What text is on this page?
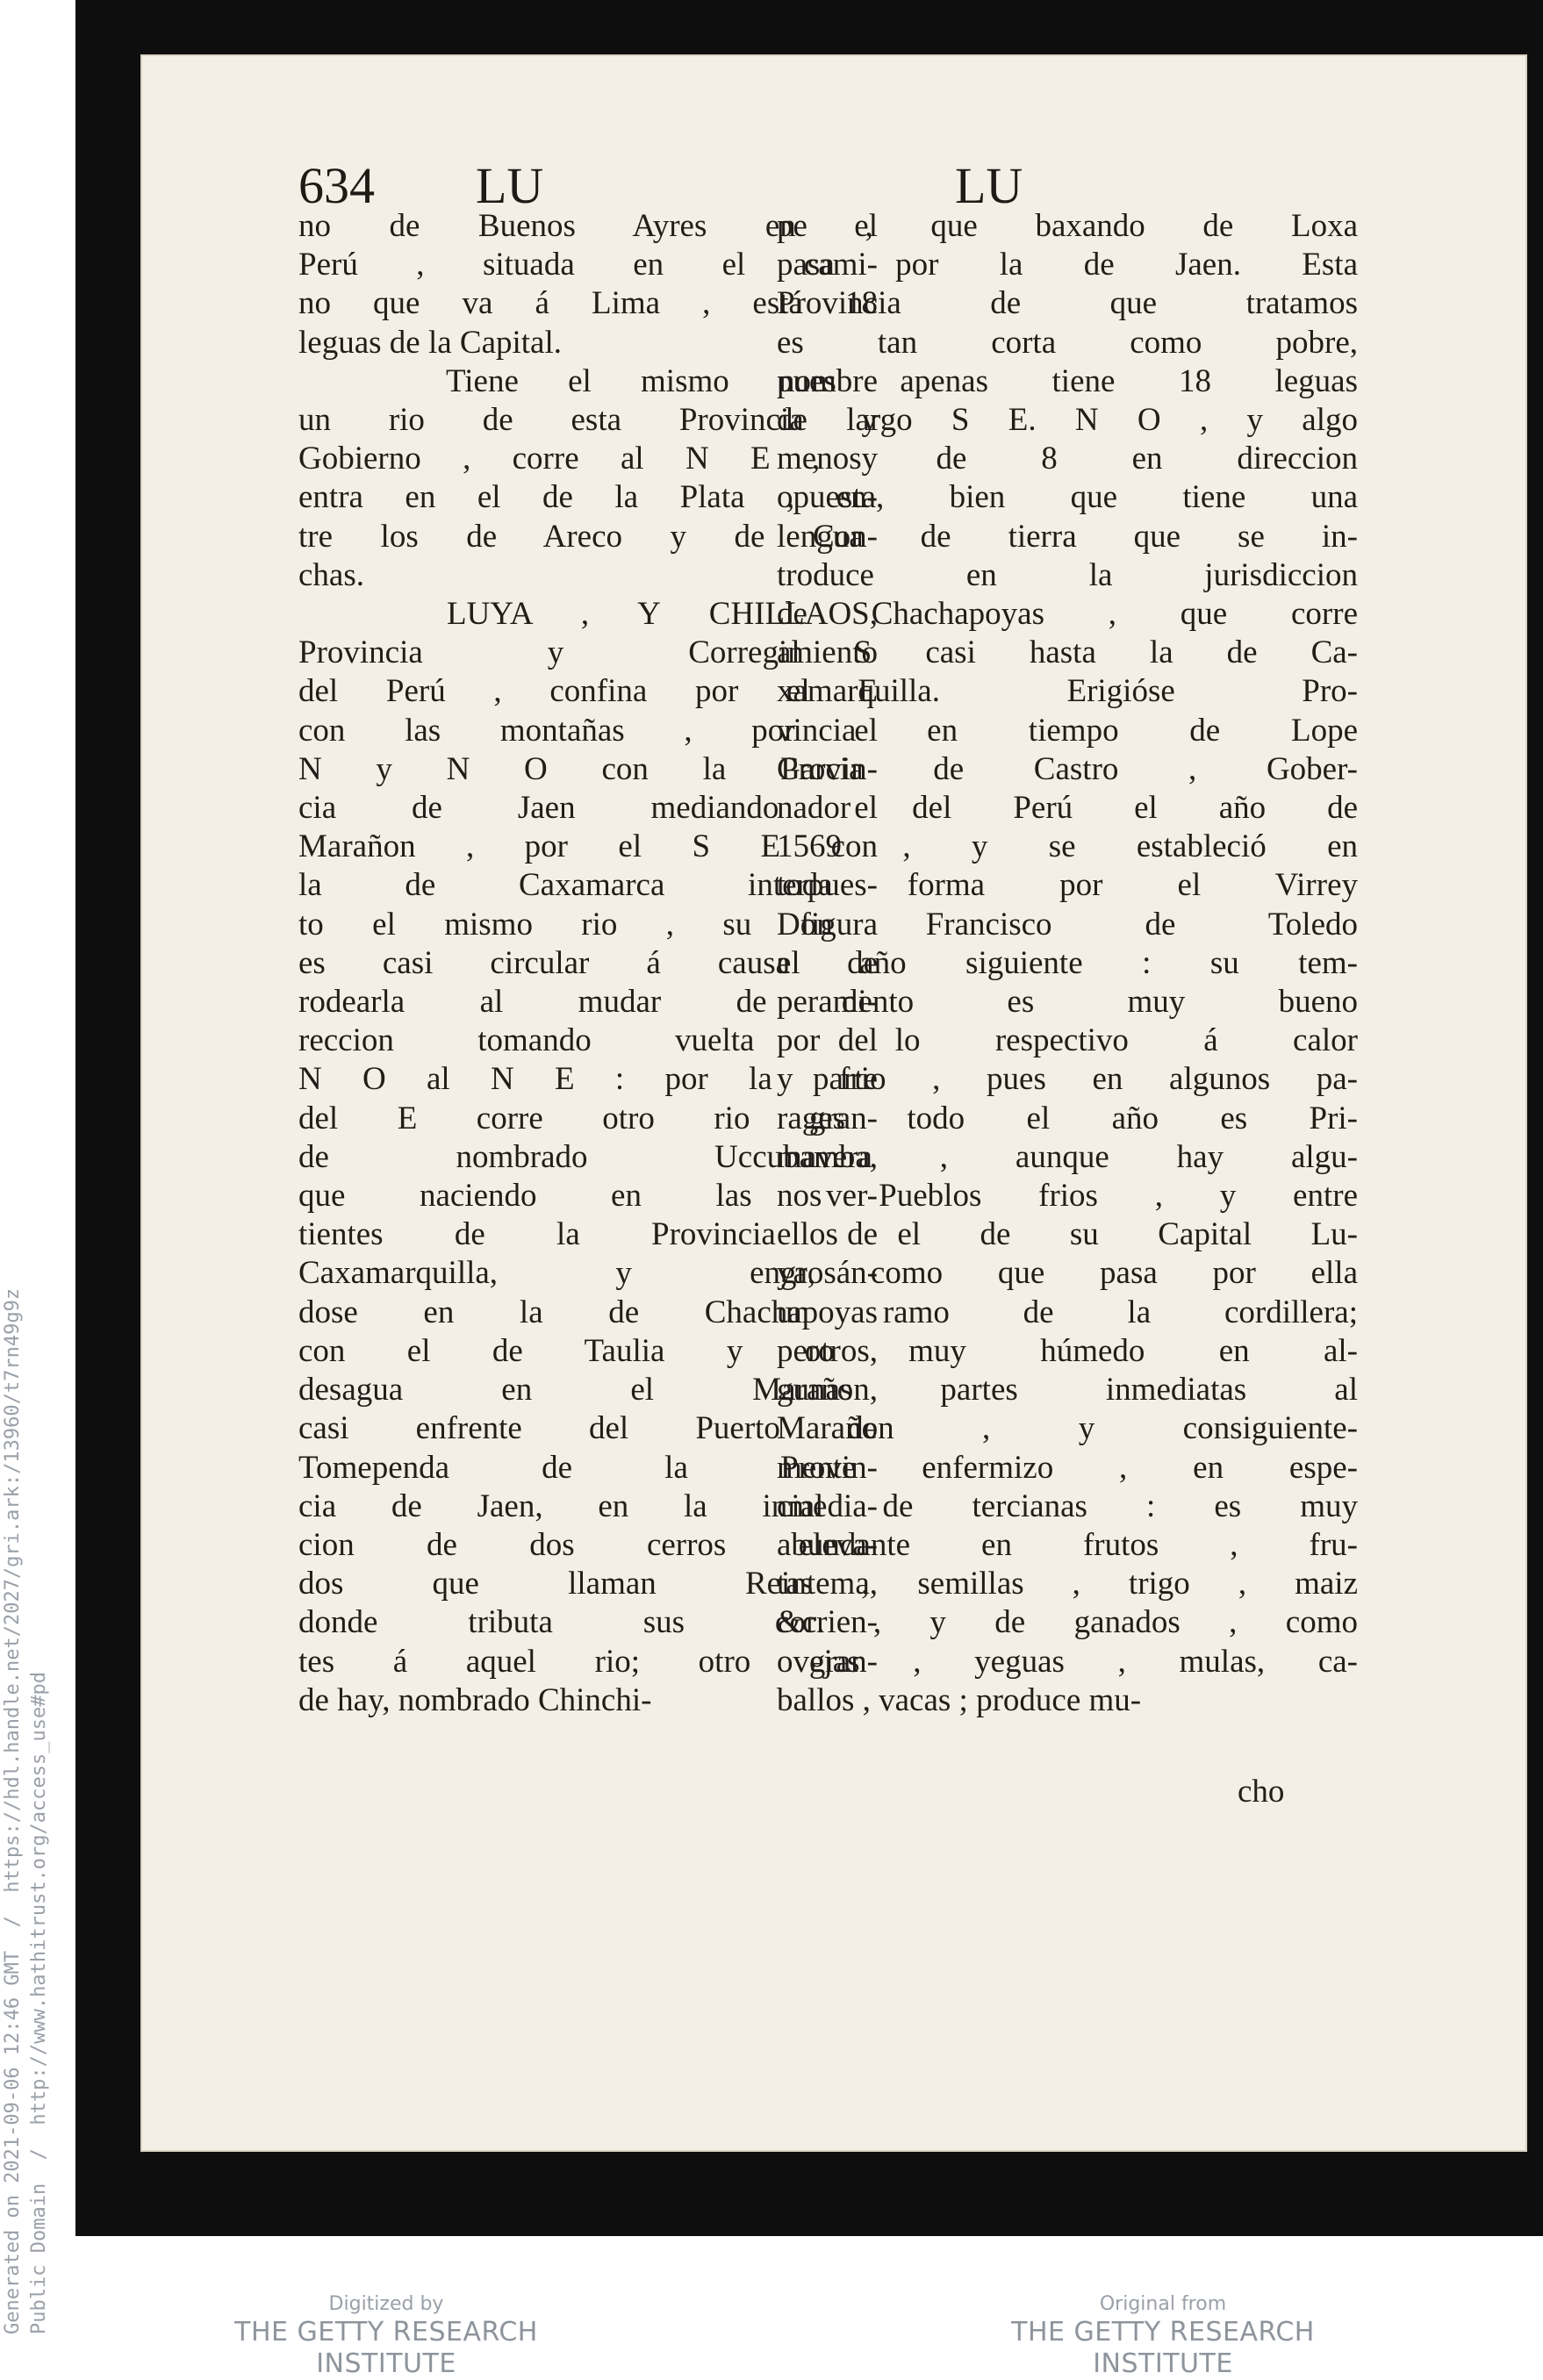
634 LU	LU
no de Buenos Ayres en el
Perú , situada en el cami-
no que va á Lima , está 18
leguas de la Capital.
Tiene el mismo nombre
un rio de esta Provincia y
Gobierno , corre al N E , y
entra en el de la Plata , en-
tre los de Areco y de Con-
chas.
LUYA , Y CHILLAOS,
Provincia y Corregimiento
del Perú , confina por el E
con las montañas , por el
N y N O con la Provin-
cia de Jaen mediando el
Marañon , por el S E con
la de Caxamarca interpues-
to el mismo rio , su figura
es casi circular á causa de
rodearla al mudar de di-
reccion tomando vuelta del
N O al N E : por la parte
del E corre otro rio gran-
de nombrado Uccubamba,
que naciendo en las ver-
tientes de la Provincia de
Caxamarquilla, y engrosán-
dose en la de Chachapoyas
con el de Taulia y otros,
desagua en el Marañon,
casi enfrente del Puerto de
Tomependa de la Provin-
cia de Jaen, en la inmedia-
cion de dos cerros eleva-
dos que llaman Reintema,
donde tributa sus corrien-
tes á aquel rio; otro gran-
de hay, nombrado Chinchi-
pe , que baxando de Loxa
pasa por la de Jaen. Esta
Provincia de que tratamos
es tan corta como pobre,
pues apenas tiene 18 leguas
de largo S E. N O , y algo
menos de 8 en direccion
opuesta, bien que tiene una
lengua de tierra que se in-
troduce en la jurisdiccion
de Chachapoyas , que corre
al S casi hasta la de Ca-
xamarquilla. Erigióse Pro-
vincia en tiempo de Lope
Garcia de Castro , Gober-
nador del Perú el año de
1569 , y se estableció en
toda forma por el Virrey
Don Francisco de Toledo
el año siguiente : su tem-
peramento es muy bueno
por lo respectivo á calor
y frio , pues en algunos pa-
rages todo el año es Pri-
mavera , aunque hay algu-
nos Pueblos frios , y entre
ellos el de su Capital Lu-
ya, como que pasa por ella
un ramo de la cordillera;
pero muy húmedo en al-
gunas partes inmediatas al
Marañon , y consiguiente-
mente enfermizo , en espe-
cial de tercianas : es muy
abundante en frutos , fru-
tas , semillas , trigo , maiz
&c. , y de ganados , como
ovejas , yeguas , mulas, ca-
ballos , vacas ; produce mu-
cho
Generated on 2021-09-06 12:46 GMT  /  https://hdl.handle.net/2027/gri.ark:/13960/t7rn49g9z Public Domain  /  http://www.hathitrust.org/access_use#pd	Digitized by
THE GETTY RESEARCH INSTITUTE
Original from
THE GETTY RESEARCH INSTITUTE
